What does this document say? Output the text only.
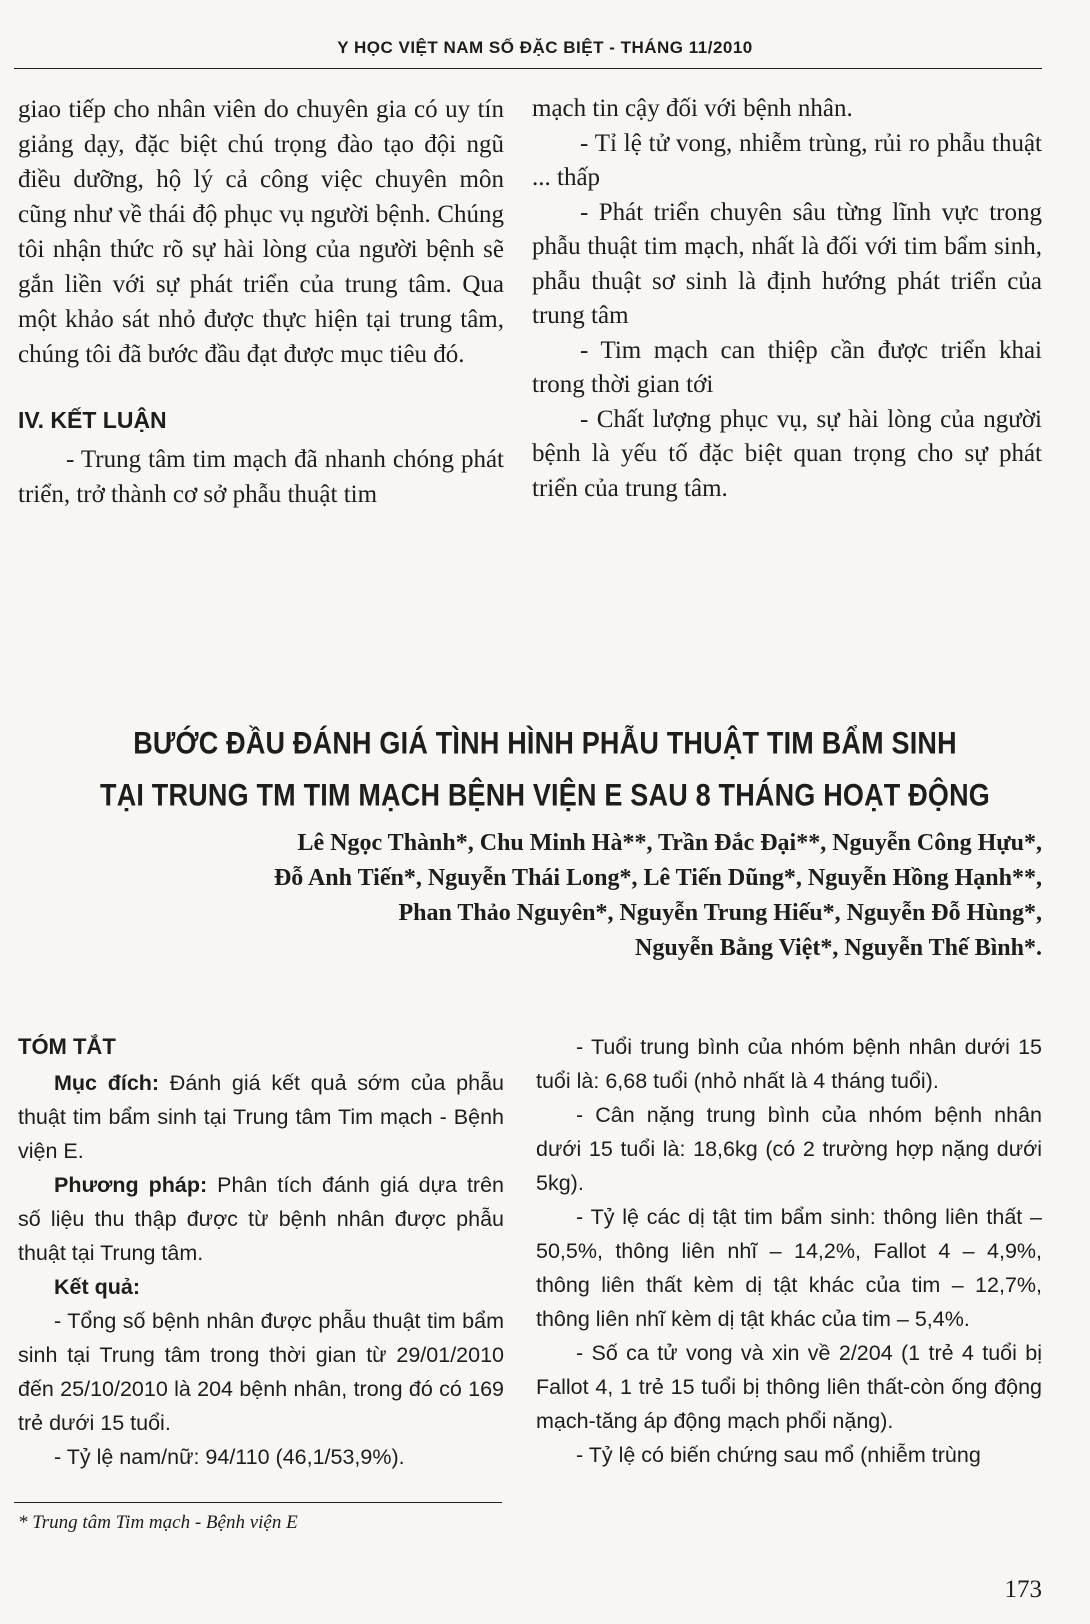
Y HỌC VIỆT NAM SỐ ĐẶC BIỆT - THÁNG 11/2010

giao tiếp cho nhân viên do chuyên gia có uy tín giảng dạy, đặc biệt chú trọng đào tạo đội ngũ điều dưỡng, hộ lý cả công việc chuyên môn cũng như về thái độ phục vụ người bệnh. Chúng tôi nhận thức rõ sự hài lòng của người bệnh sẽ gắn liền với sự phát triển của trung tâm. Qua một khảo sát nhỏ được thực hiện tại trung tâm, chúng tôi đã bước đầu đạt được mục tiêu đó.

IV. KẾT LUẬN

- Trung tâm tim mạch đã nhanh chóng phát triển, trở thành cơ sở phẫu thuật tim

mạch tin cậy đối với bệnh nhân.

- Tỉ lệ tử vong, nhiễm trùng, rủi ro phẫu thuật ... thấp

- Phát triển chuyên sâu từng lĩnh vực trong phẫu thuật tim mạch, nhất là đối với tim bẩm sinh, phẫu thuật sơ sinh là định hướng phát triển của trung tâm

- Tim mạch can thiệp cần được triển khai trong thời gian tới

- Chất lượng phục vụ, sự hài lòng của người bệnh là yếu tố đặc biệt quan trọng cho sự phát triển của trung tâm.

BƯỚC ĐẦU ĐÁNH GIÁ TÌNH HÌNH PHẪU THUẬT TIM BẨM SINH
TẠI TRUNG TM TIM MẠCH BỆNH VIỆN E SAU 8 THÁNG HOẠT ĐỘNG
Lê Ngọc Thành*, Chu Minh Hà**, Trần Đắc Đại**, Nguyễn Công Hựu*,
Đỗ Anh Tiến*, Nguyễn Thái Long*, Lê Tiến Dũng*, Nguyễn Hồng Hạnh**,
Phan Thảo Nguyên*, Nguyễn Trung Hiếu*, Nguyễn Đỗ Hùng*,
Nguyễn Bằng Việt*, Nguyễn Thế Bình*.
TÓM TẮT

Mục đích: Đánh giá kết quả sớm của phẫu thuật tim bẩm sinh tại Trung tâm Tim mạch - Bệnh viện E.

Phương pháp: Phân tích đánh giá dựa trên số liệu thu thập được từ bệnh nhân được phẫu thuật tại Trung tâm.

Kết quả:

- Tổng số bệnh nhân được phẫu thuật tim bẩm sinh tại Trung tâm trong thời gian từ 29/01/2010 đến 25/10/2010 là 204 bệnh nhân, trong đó có 169 trẻ dưới 15 tuổi.

- Tỷ lệ nam/nữ: 94/110 (46,1/53,9%).

- Tuổi trung bình của nhóm bệnh nhân dưới 15 tuổi là: 6,68 tuổi (nhỏ nhất là 4 tháng tuổi).

- Cân nặng trung bình của nhóm bệnh nhân dưới 15 tuổi là: 18,6kg (có 2 trường hợp nặng dưới 5kg).

- Tỷ lệ các dị tật tim bẩm sinh: thông liên thất – 50,5%, thông liên nhĩ – 14,2%, Fallot 4 – 4,9%, thông liên thất kèm dị tật khác của tim – 12,7%, thông liên nhĩ kèm dị tật khác của tim – 5,4%.

- Số ca tử vong và xin về 2/204 (1 trẻ 4 tuổi bị Fallot 4, 1 trẻ 15 tuổi bị thông liên thất-còn ống động mạch-tăng áp động mạch phổi nặng).

- Tỷ lệ có biến chứng sau mổ (nhiễm trùng

* Trung tâm Tim mạch - Bệnh viện E
173
